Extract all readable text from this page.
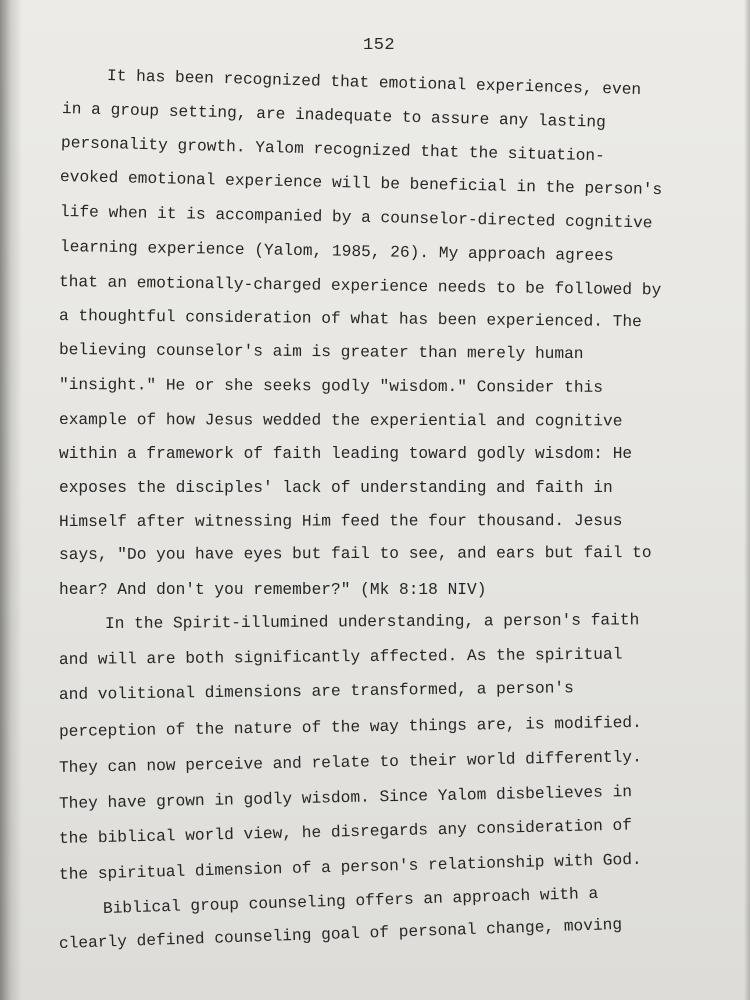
152
It has been recognized that emotional experiences, even
in a group setting, are inadequate to assure any lasting
personality growth. Yalom recognized that the situation-
evoked emotional experience will be beneficial in the person's
life when it is accompanied by a counselor-directed cognitive
learning experience (Yalom, 1985, 26). My approach agrees
that an emotionally-charged experience needs to be followed by
a thoughtful consideration of what has been experienced. The
believing counselor's aim is greater than merely human
"insight." He or she seeks godly "wisdom." Consider this
example of how Jesus wedded the experiential and cognitive
within a framework of faith leading toward godly wisdom: He
exposes the disciples' lack of understanding and faith in
Himself after witnessing Him feed the four thousand. Jesus
says, "Do you have eyes but fail to see, and ears but fail to
hear? And don't you remember?" (Mk 8:18 NIV)
In the Spirit-illumined understanding, a person's faith
and will are both significantly affected. As the spiritual
and volitional dimensions are transformed, a person's
perception of the nature of the way things are, is modified.
They can now perceive and relate to their world differently.
They have grown in godly wisdom. Since Yalom disbelieves in
the biblical world view, he disregards any consideration of
the spiritual dimension of a person's relationship with God.
Biblical group counseling offers an approach with a
clearly defined counseling goal of personal change, moving
